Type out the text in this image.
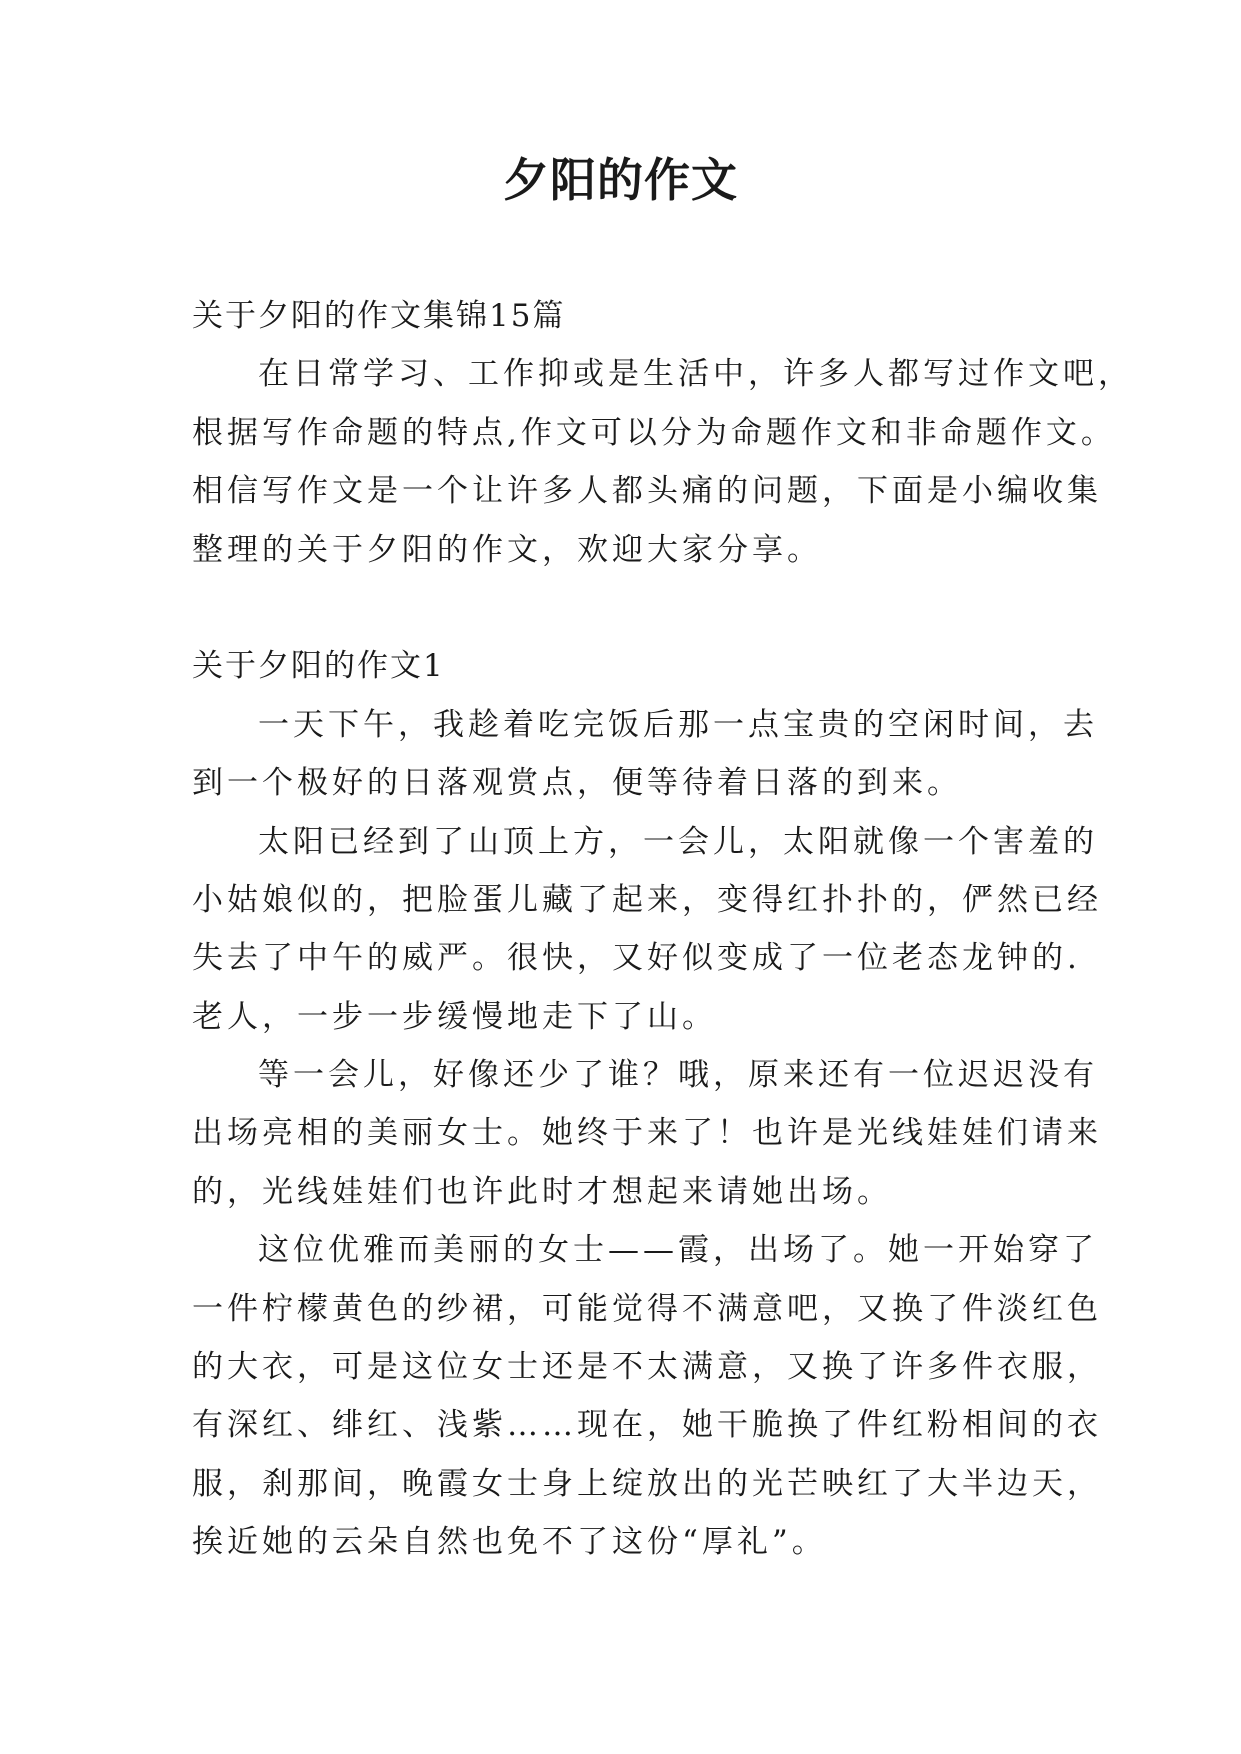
夕阳的作文
关于夕阳的作文集锦15篇
在日常学习、工作抑或是生活中，许多人都写过作文吧，
根据写作命题的特点,作文可以分为命题作文和非命题作文。
相信写作文是一个让许多人都头痛的问题，下面是小编收集
整理的关于夕阳的作文，欢迎大家分享。
关于夕阳的作文1
一天下午，我趁着吃完饭后那一点宝贵的空闲时间，去
到一个极好的日落观赏点，便等待着日落的到来。
太阳已经到了山顶上方，一会儿，太阳就像一个害羞的
小姑娘似的，把脸蛋儿藏了起来，变得红扑扑的，俨然已经
失去了中午的威严。很快，又好似变成了一位老态龙钟的.
老人，一步一步缓慢地走下了山。
等一会儿，好像还少了谁？哦，原来还有一位迟迟没有
出场亮相的美丽女士。她终于来了！也许是光线娃娃们请来
的，光线娃娃们也许此时才想起来请她出场。
这位优雅而美丽的女士——霞，出场了。她一开始穿了
一件柠檬黄色的纱裙，可能觉得不满意吧，又换了件淡红色
的大衣，可是这位女士还是不太满意，又换了许多件衣服，
有深红、绯红、浅紫……现在，她干脆换了件红粉相间的衣
服，刹那间，晚霞女士身上绽放出的光芒映红了大半边天，
挨近她的云朵自然也免不了这份“厚礼”。
